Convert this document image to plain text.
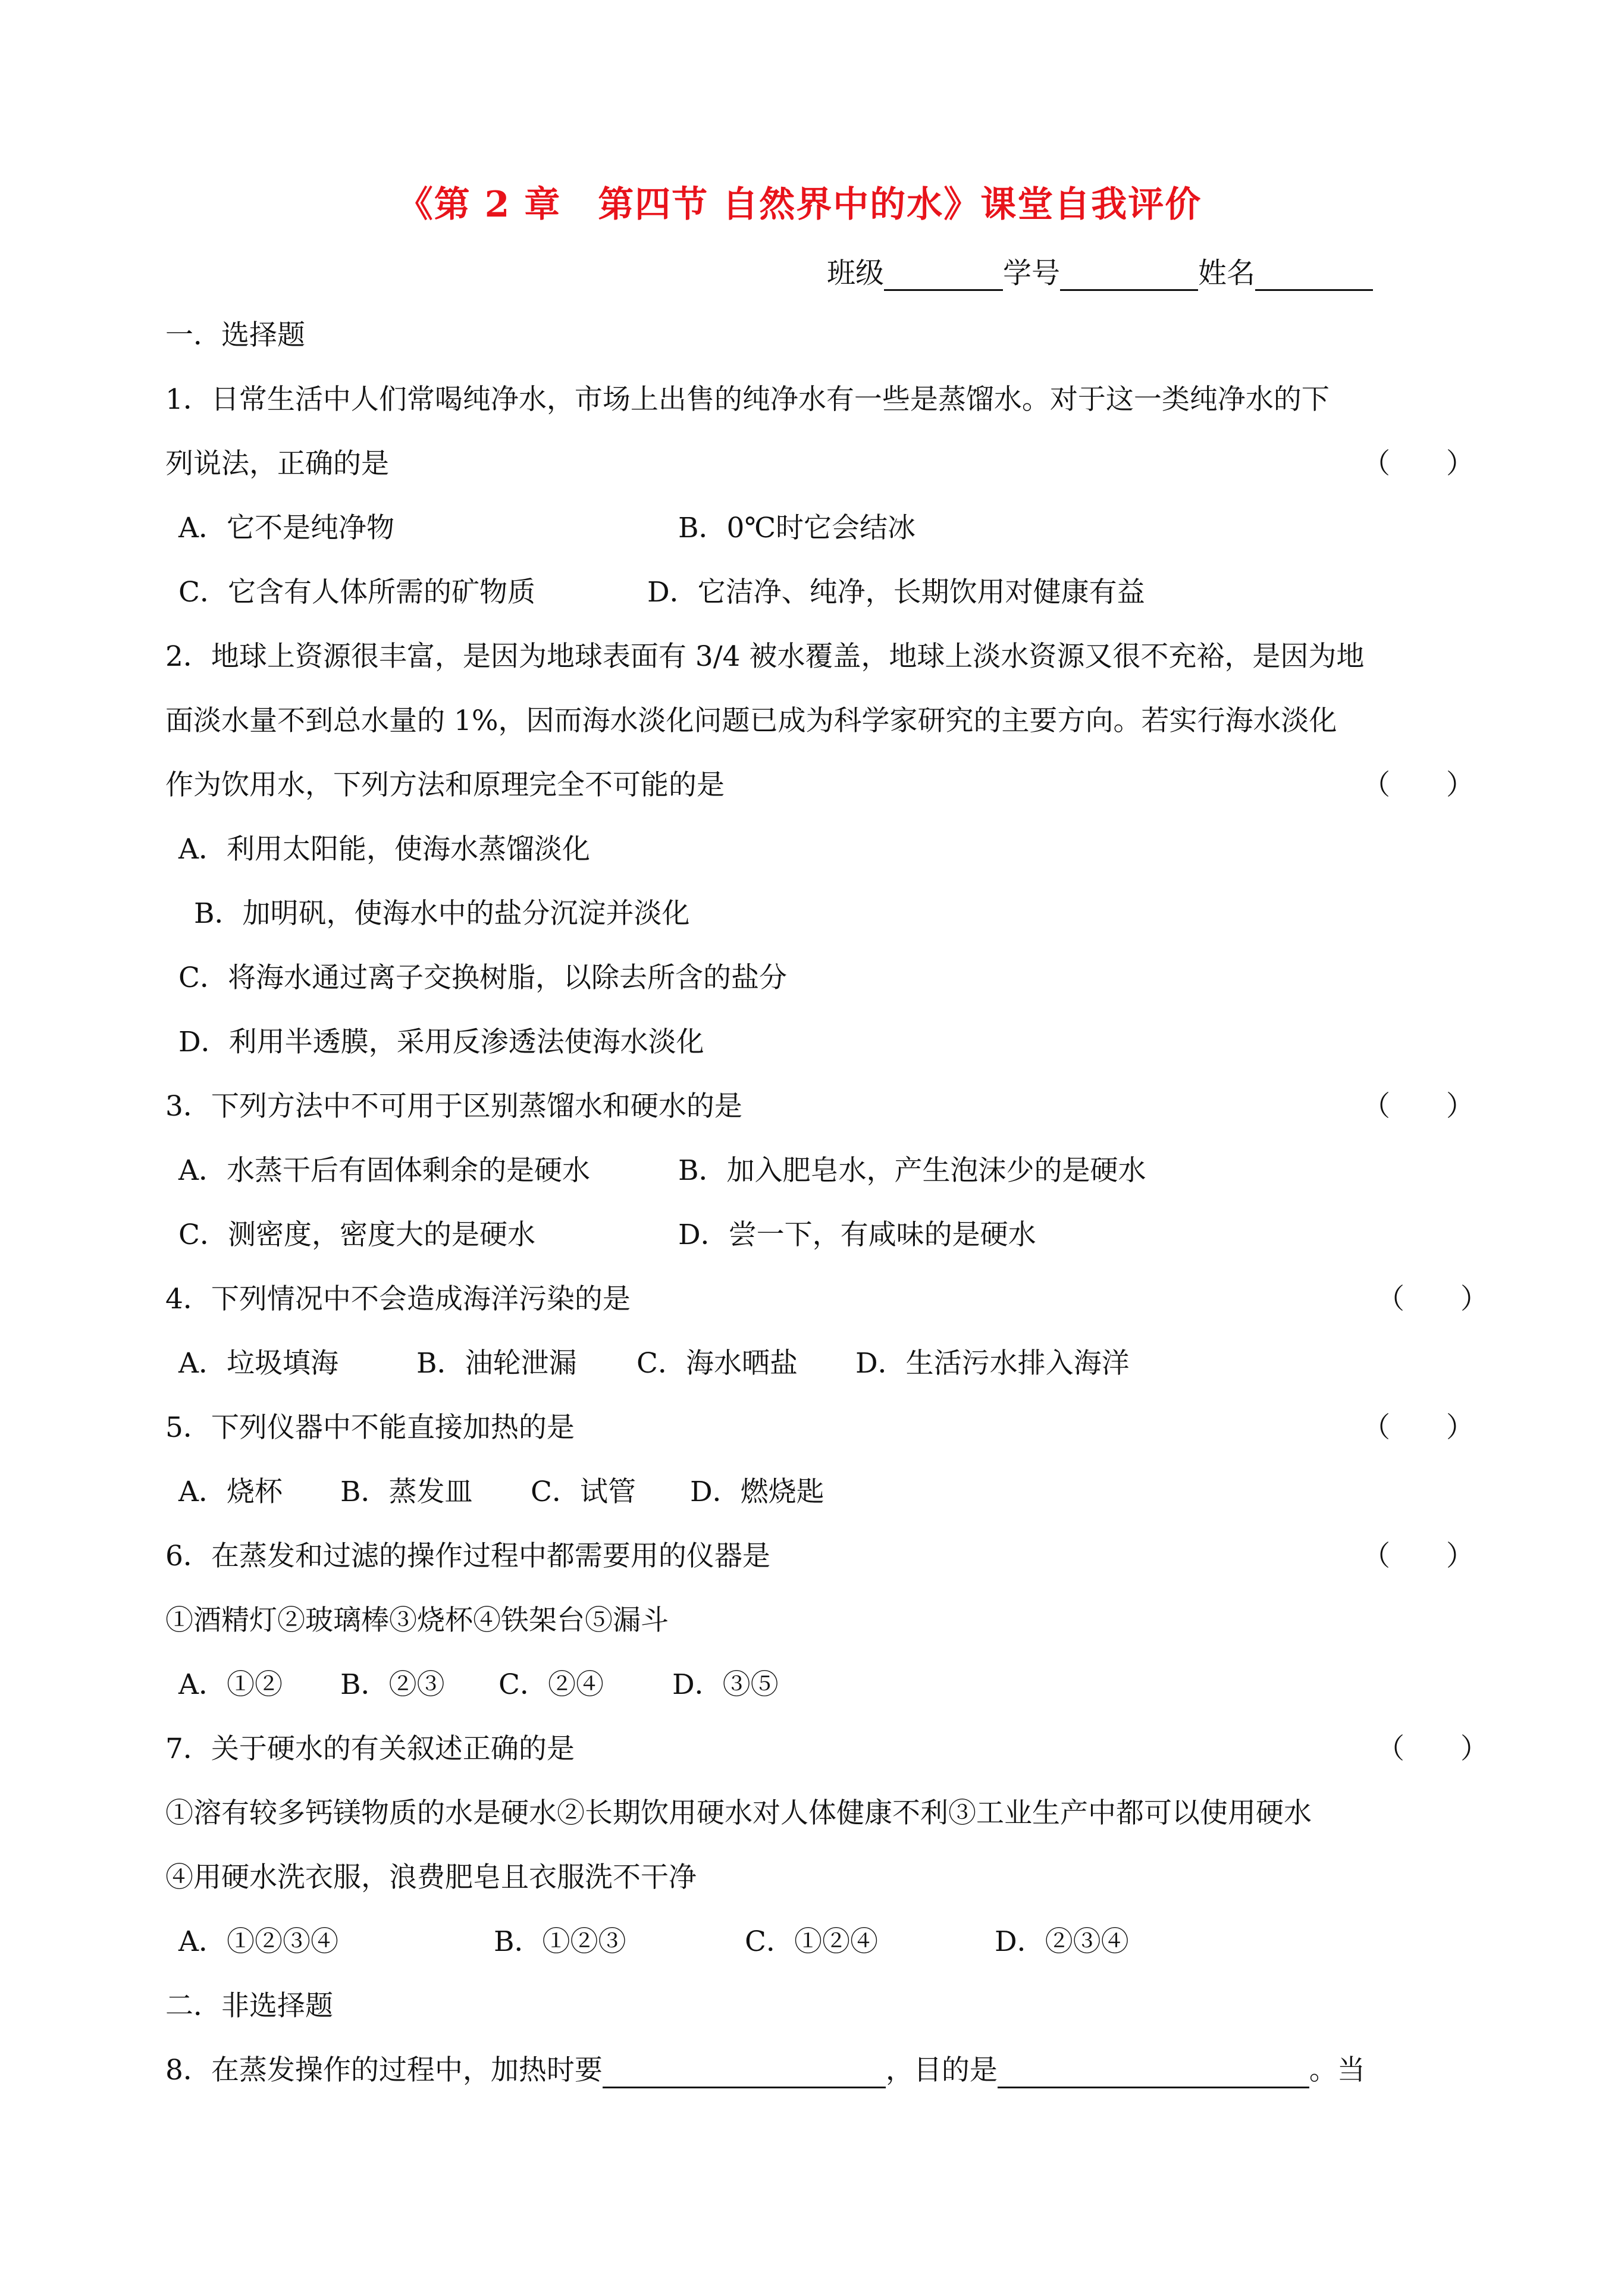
《第 2 章　第四节 自然界中的水》课堂自我评价
班级	学号	姓名
一．选择题
1．日常生活中人们常喝纯净水，市场上出售的纯净水有一些是蒸馏水。对于这一类纯净水的下
列说法，正确的是	（　　）
A．它不是纯净物	B．0℃时它会结冰
C．它含有人体所需的矿物质	D．它洁净、纯净，长期饮用对健康有益
2．地球上资源很丰富，是因为地球表面有 3/4 被水覆盖，地球上淡水资源又很不充裕，是因为地
面淡水量不到总水量的 1%，因而海水淡化问题已成为科学家研究的主要方向。若实行海水淡化
作为饮用水，下列方法和原理完全不可能的是	（　　）
A．利用太阳能，使海水蒸馏淡化
B．加明矾，使海水中的盐分沉淀并淡化
C．将海水通过离子交换树脂，以除去所含的盐分
D．利用半透膜，采用反渗透法使海水淡化
3．下列方法中不可用于区别蒸馏水和硬水的是	（　　）
A．水蒸干后有固体剩余的是硬水	B．加入肥皂水，产生泡沫少的是硬水
C．测密度，密度大的是硬水	D．尝一下，有咸味的是硬水
4．下列情况中不会造成海洋污染的是	（　　）
A．垃圾填海	B．油轮泄漏 C．海水晒盐 D．生活污水排入海洋
5．下列仪器中不能直接加热的是	（　　）
A．烧杯 B．蒸发皿 C．试管 D．燃烧匙
6．在蒸发和过滤的操作过程中都需要用的仪器是	（　　）
①酒精灯②玻璃棒③烧杯④铁架台⑤漏斗
A．①② B．②③ C．②④ D．③⑤
7．关于硬水的有关叙述正确的是	（　　）
①溶有较多钙镁物质的水是硬水②长期饮用硬水对人体健康不利③工业生产中都可以使用硬水
④用硬水洗衣服，浪费肥皂且衣服洗不干净
A．①②③④	B．①②③	C．①②④	D．②③④
二．非选择题
8．在蒸发操作的过程中，加热时要	，目的是	。当
